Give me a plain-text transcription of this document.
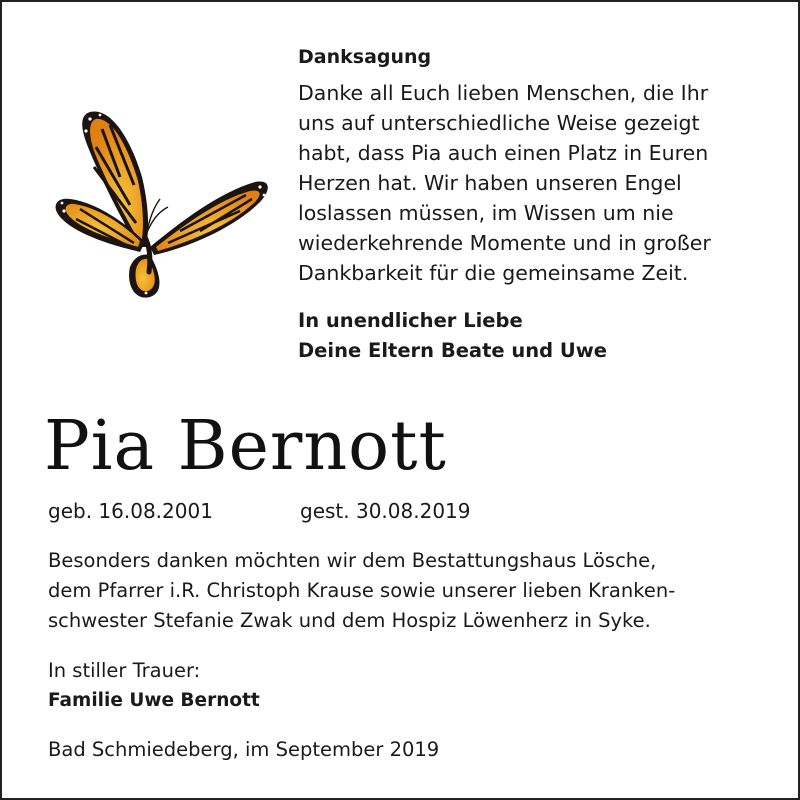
Danksagung
Danke all Euch lieben Menschen, die Ihr
uns auf unterschiedliche Weise gezeigt
habt, dass Pia auch einen Platz in Euren
Herzen hat. Wir haben unseren Engel
loslassen müssen, im Wissen um nie
wiederkehrende Momente und in großer
Dankbarkeit für die gemeinsame Zeit.
In unendlicher Liebe
Deine Eltern Beate und Uwe
Pia Bernott
geb. 16.08.2001	gest. 30.08.2019
Besonders danken möchten wir dem Bestattungshaus Lösche,
dem Pfarrer i.R. Christoph Krause sowie unserer lieben Kranken-
schwester Stefanie Zwak und dem Hospiz Löwenherz in Syke.
In stiller Trauer:
Familie Uwe Bernott
Bad Schmiedeberg, im September 2019
